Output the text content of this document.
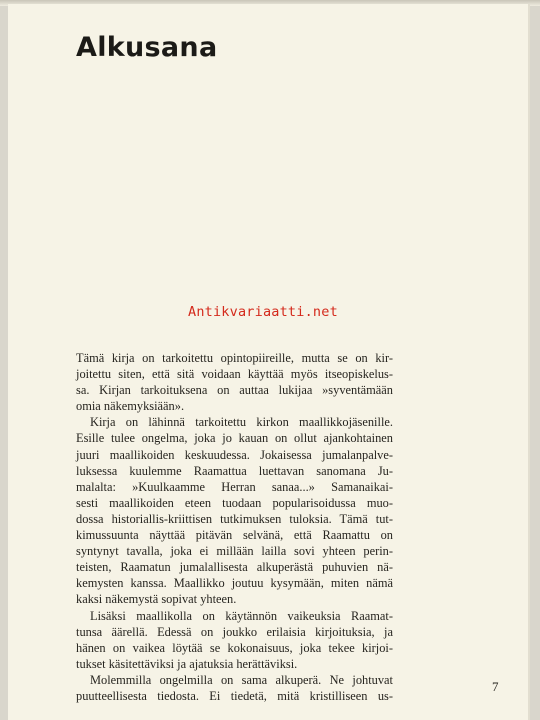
Alkusana
Antikvariaatti.net
Tämä kirja on tarkoitettu opintopiireille, mutta se on kir-
joitettu siten, että sitä voidaan käyttää myös itseopiskelus-
sa. Kirjan tarkoituksena on auttaa lukijaa »syventämään
omia näkemyksiään».
Kirja on lähinnä tarkoitettu kirkon maallikkojäsenille.
Esille tulee ongelma, joka jo kauan on ollut ajankohtainen
juuri maallikoiden keskuudessa. Jokaisessa jumalanpalve-
luksessa kuulemme Raamattua luettavan sanomana Ju-
malalta: »Kuulkaamme Herran sanaa...» Samanaikai-
sesti maallikoiden eteen tuodaan popularisoidussa muo-
dossa historiallis-kriittisen tutkimuksen tuloksia. Tämä tut-
kimussuunta näyttää pitävän selvänä, että Raamattu on
syntynyt tavalla, joka ei millään lailla sovi yhteen perin-
teisten, Raamatun jumalallisesta alkuperästä puhuvien nä-
kemysten kanssa. Maallikko joutuu kysymään, miten nämä
kaksi näkemystä sopivat yhteen.
Lisäksi maallikolla on käytännön vaikeuksia Raamat-
tunsa äärellä. Edessä on joukko erilaisia kirjoituksia, ja
hänen on vaikea löytää se kokonaisuus, joka tekee kirjoi-
tukset käsitettäviksi ja ajatuksia herättäviksi.
Molemmilla ongelmilla on sama alkuperä. Ne johtuvat
puutteellisesta tiedosta. Ei tiedetä, mitä kristilliseen us-
7
